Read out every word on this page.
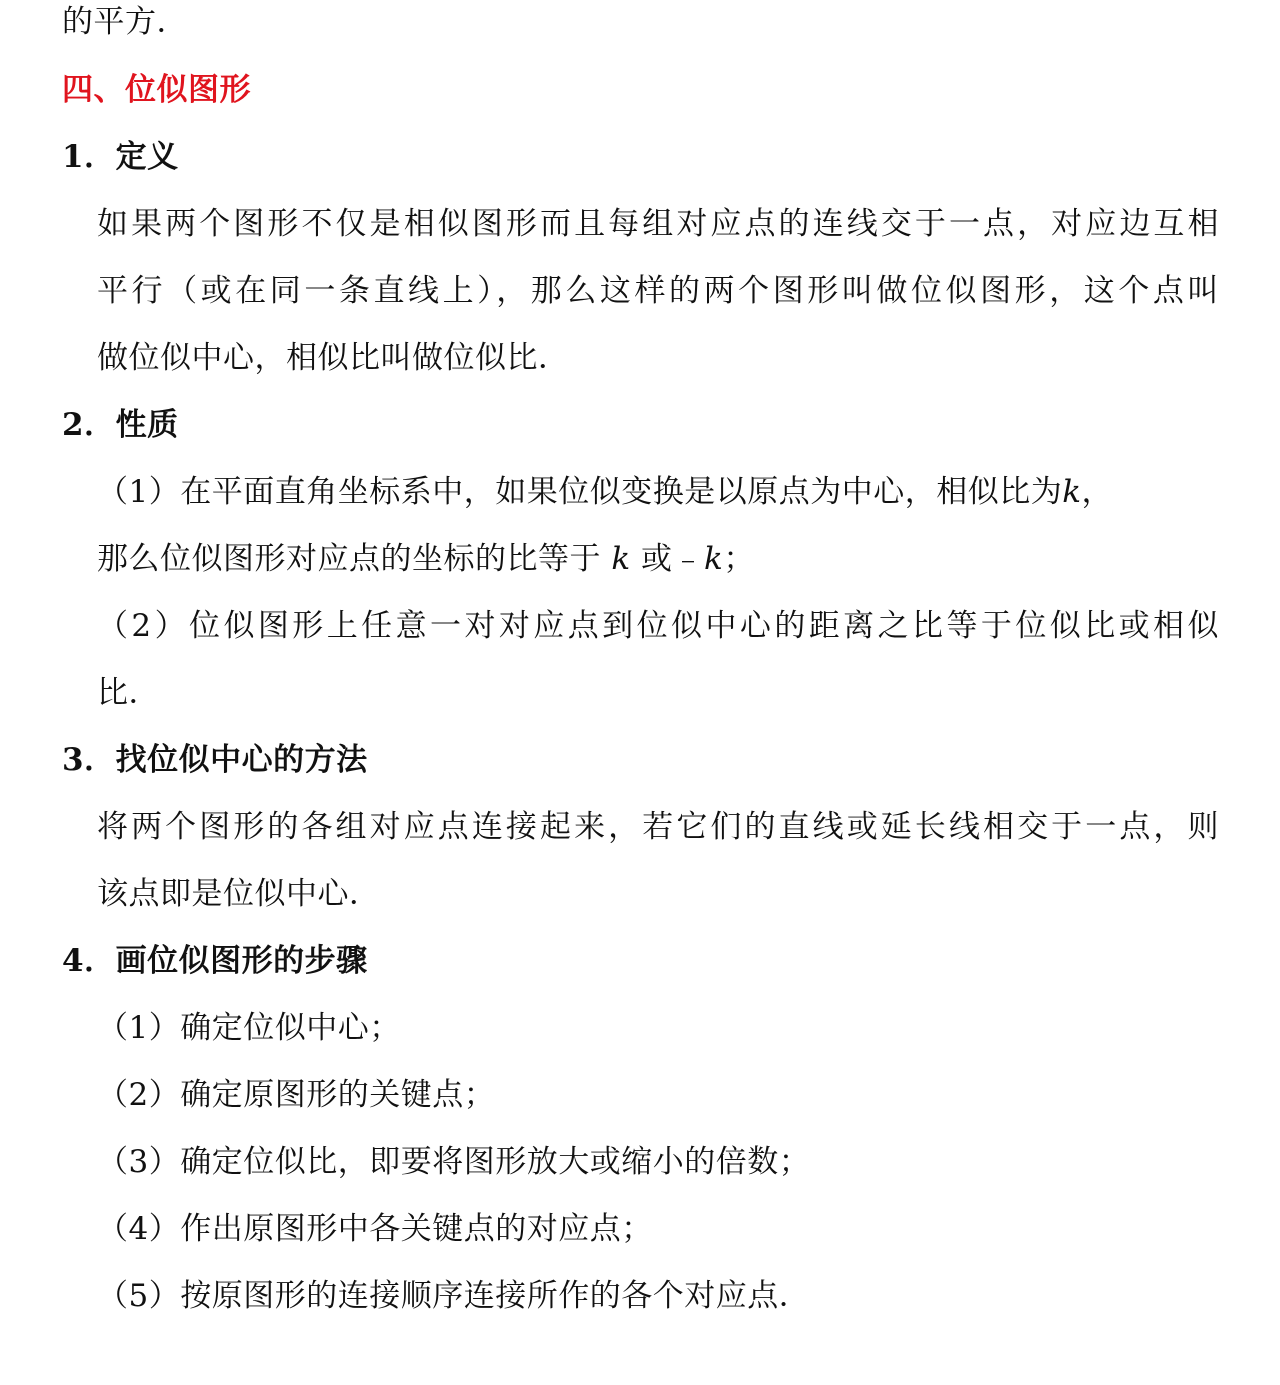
的平方．
四、位似图形
1．定义
如果两个图形不仅是相似图形而且每组对应点的连线交于一点，对应边互相
平行（或在同一条直线上），那么这样的两个图形叫做位似图形，这个点叫
做位似中心，相似比叫做位似比．
2．性质
（1）在平面直角坐标系中，如果位似变换是以原点为中心，相似比为k，
那么位似图形对应点的坐标的比等于 k 或﹣k；
（2）位似图形上任意一对对应点到位似中心的距离之比等于位似比或相似
比．
3．找位似中心的方法
将两个图形的各组对应点连接起来，若它们的直线或延长线相交于一点，则
该点即是位似中心．
4．画位似图形的步骤
（1）确定位似中心；
（2）确定原图形的关键点；
（3）确定位似比，即要将图形放大或缩小的倍数；
（4）作出原图形中各关键点的对应点；
（5）按原图形的连接顺序连接所作的各个对应点．
